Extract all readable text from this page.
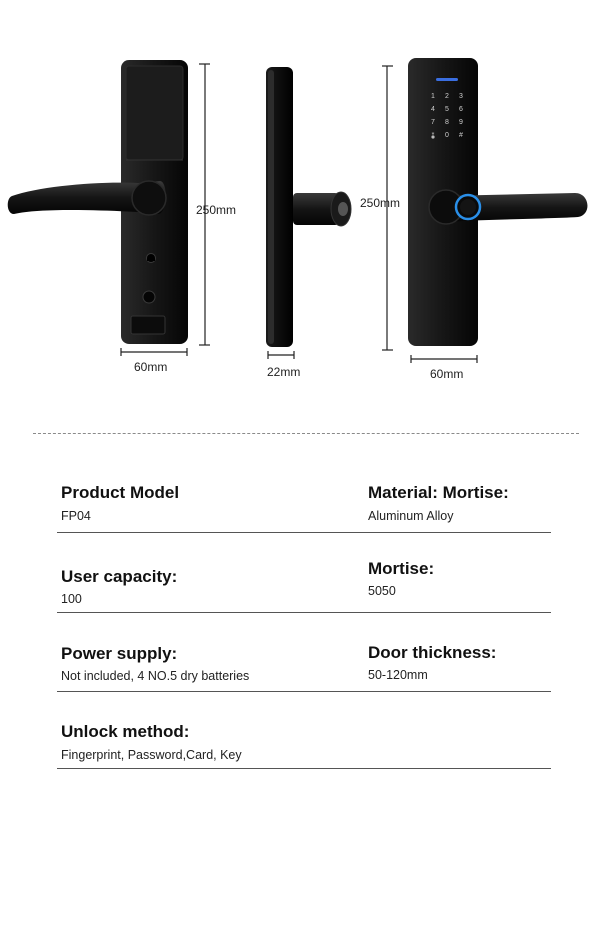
1 2 3
4 5 6
7 8 9
0 #
250mm
60mm	22mm
250mm
60mm
Product Model
FP04
Material: Mortise:
Aluminum Alloy
User capacity:
100
Mortise:
5050
Power supply:
Not included, 4 NO.5 dry batteries
Door thickness:
50-120mm
Unlock method:
Fingerprint, Password,Card, Key
